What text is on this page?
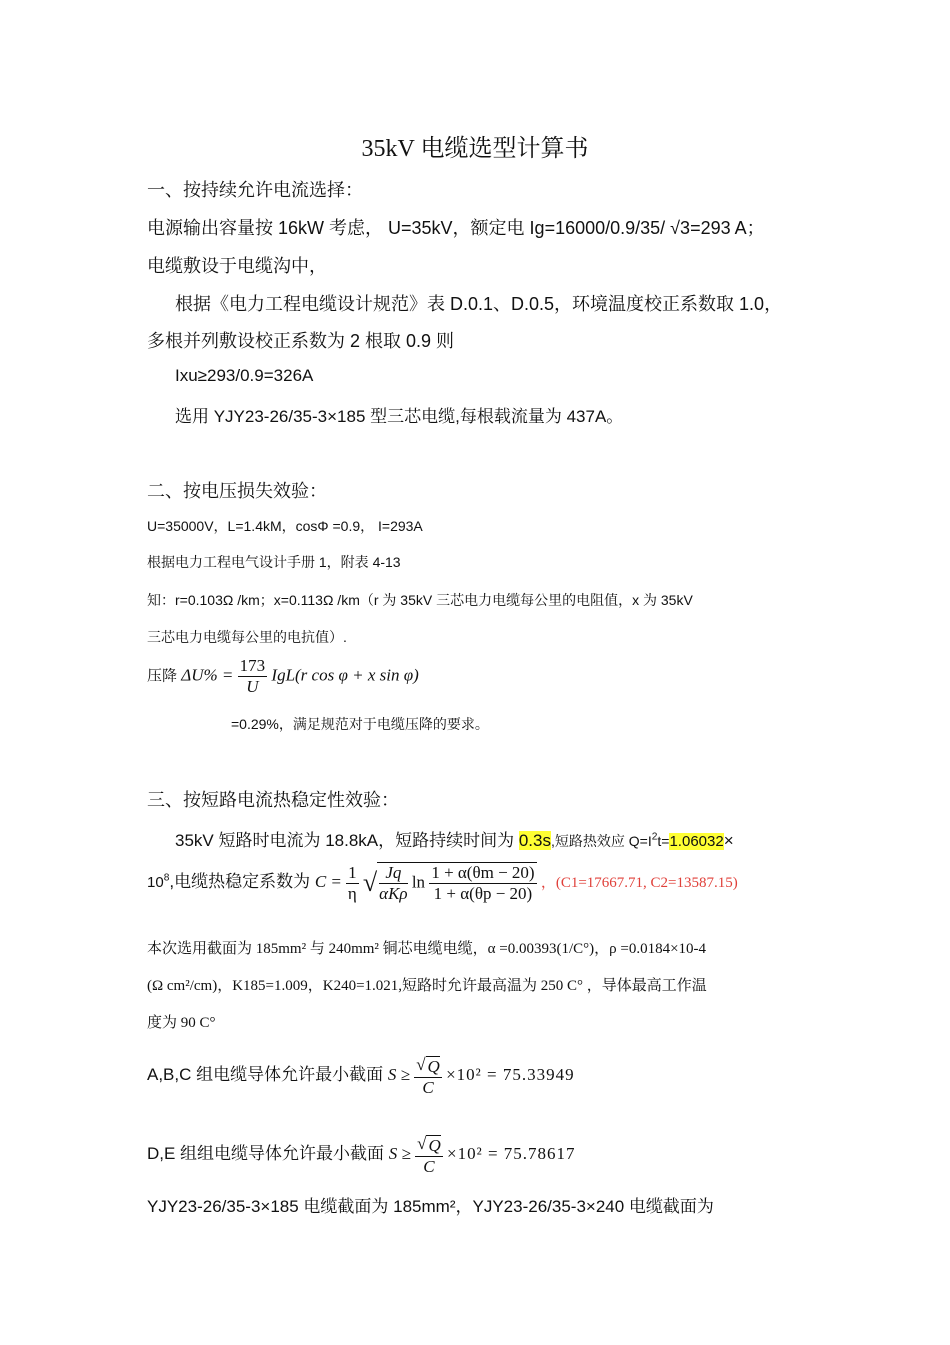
35kV 电缆选型计算书
一、按持续允许电流选择：
电源输出容量按 16kW 考虑， U=35kV，额定电 Ig=16000/0.9/35/ √3=293 A；
电缆敷设于电缆沟中，
根据《电力工程电缆设计规范》表 D.0.1、D.0.5，环境温度校正系数取 1.0，
多根并列敷设校正系数为 2 根取 0.9 则
Ixu≥293/0.9=326A
选用 YJY23-26/35-3×185 型三芯电缆,每根载流量为 437A。
二、按电压损失效验：
U=35000V，L=1.4kM，cosΦ =0.9， I=293A
根据电力工程电气设计手册 1，附表 4-13
知：r=0.103Ω /km；x=0.113Ω /km（r 为 35kV 三芯电力电缆每公里的电阻值，x 为 35kV
三芯电力电缆每公里的电抗值）.
压降 $\Delta U\% = \frac{173}{U} IgL(r$ cos φ + x sin φ)
=0.29%，满足规范对于电缆压降的要求。
三、按短路电流热稳定性效验：
35kV 短路时电流为 18.8kA，短路持续时间为 0.3s,短路热效应 $Q=I^2t=1.06032\times$
$10^8$,电缆热稳定系数为 $C = \frac{1}{\eta}$ √ $\frac{Jq}{\text{αKρ}}$ $\ln \frac{1 + \alpha(\theta m - 20)}{1 + \alpha(\theta p - 20)}$ ，(C1=17667.71, C2=13587.15)
本次选用截面为 185mm² 与 240mm² 铜芯电缆电缆，α =0.00393(1/C°)，ρ =0.0184×10-4
(Ω cm²/cm)，K185=1.009，K240=1.021,短路时允许最高温为 250 C° ，导体最高工作温
度为 90 C°
A,B,C 组电缆导体允许最小截面 $S \ge \frac{√ Q}{C} \times 10^2 = 75.33949$
D,E 组组电缆导体允许最小截面 $S \ge \frac{√ Q}{C} \times 10^2 = 75.78617$
YJY23-26/35-3×185 电缆截面为 185mm²，YJY23-26/35-3×240 电缆截面为
